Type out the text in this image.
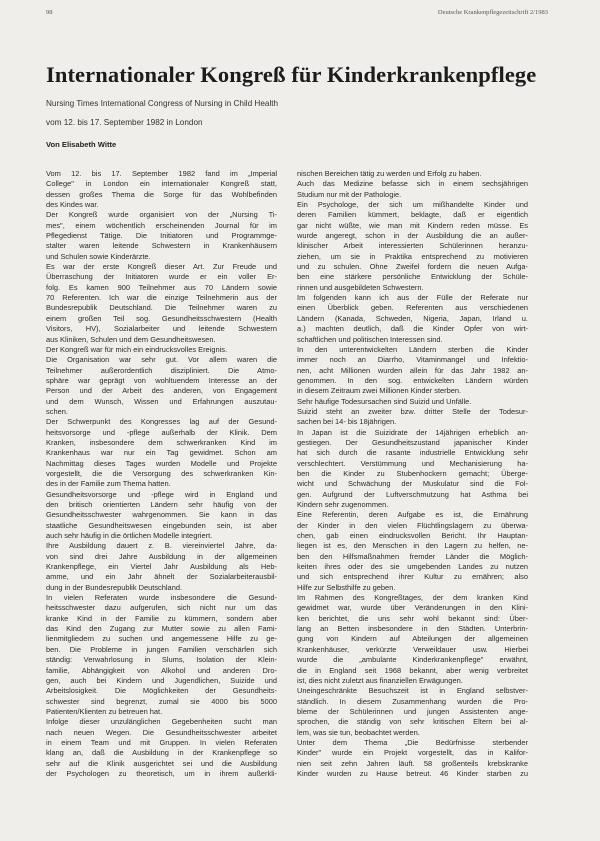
98	Deutsche Krankenpflegezeitschrift 2/1983
Internationaler Kongreß für Kinderkrankenpflege
Nursing Times International Congress of Nursing in Child Health
vom 12. bis 17. September 1982 in London
Von Elisabeth Witte
Vom 12. bis 17. September 1982 fand im „Imperial
College" in London ein internationaler Kongreß statt,
dessen großes Thema die Sorge für das Wohlbefinden
des Kindes war.
Der Kongreß wurde organisiert von der „Nursing Ti-
mes", einem wöchentlich erscheinenden Journal für im
Pflegedienst Tätige. Die Initiatoren und Programmge-
stalter waren leitende Schwestern in Krankenhäusern
und Schulen sowie Kinderärzte.
Es war der erste Kongreß dieser Art. Zur Freude und
Überraschung der Initiatoren wurde er ein voller Er-
folg. Es kamen 900 Teilnehmer aus 70 Ländern sowie
70 Referenten. Ich war die einzige Teilnehmerin aus der
Bundesrepublik Deutschland. Die Teilnehmer waren zu
einem großen Teil sog. Gesundheitsschwestern (Health
Visitors, HV), Sozialarbeiter und leitende Schwestern
aus Kliniken, Schulen und dem Gesundheitswesen.
Der Kongreß war für mich ein eindrucksvolles Ereignis.
Die Organisation war sehr gut. Vor allem waren die
Teilnehmer außerordentlich diszipliniert. Die Atmo-
sphäre war geprägt von wohltuendem Interesse an der
Person und der Arbeit des anderen, von Engagement
und dem Wunsch, Wissen und Erfahrungen auszutau-
schen.
Der Schwerpunkt des Kongresses lag auf der Gesund-
heitsvorsorge und -pflege außerhalb der Klinik. Dem
Kranken, insbesondere dem schwerkranken Kind im
Krankenhaus war nur ein Tag gewidmet. Schon am
Nachmittag dieses Tages wurden Modelle und Projekte
vorgestellt, die die Versorgung des schwerkranken Kin-
des in der Familie zum Thema hatten.
Gesundheitsvorsorge und -pflege wird in England und
den britisch orientierten Ländern sehr häufig von der
Gesundheitsschwester wahrgenommen. Sie kann in das
staatliche Gesundheitswesen eingebunden sein, ist aber
auch sehr häufig in die örtlichen Modelle integriert.
Ihre Ausbildung dauert z. B. viereinviertel Jahre, da-
von sind drei Jahre Ausbildung in der allgemeinen
Krankenpflege, ein Viertel Jahr Ausbildung als Heb-
amme, und ein Jahr ähnelt der Sozialarbeiterausbil-
dung in der Bundesrepublik Deutschland.
In vielen Referaten wurde insbesondere die Gesund-
heitsschwester dazu aufgerufen, sich nicht nur um das
kranke Kind in der Familie zu kümmern, sondern aber
das Kind den Zugang zur Mutter sowie zu allen Fami-
lienmitgliedern zu suchen und angemessene Hilfe zu ge-
ben. Die Probleme in jungen Familien verschärfen sich
ständig: Verwahrlosung in Slums, Isolation der Klein-
familie, Abhängigkeit von Alkohol und anderen Dro-
gen, auch bei Kindern und Jugendlichen, Suizide und
Arbeitslosigkeit. Die Möglichkeiten der Gesundheits-
schwester sind begrenzt, zumal sie 4000 bis 5000
Patienten/Klienten zu betreuen hat.
Infolge dieser unzulänglichen Gegebenheiten sucht man
nach neuen Wegen. Die Gesundheitsschwester arbeitet
in einem Team und mit Gruppen. In vielen Referaten
klang an, daß die Ausbildung in der Krankenpflege so
sehr auf die Klinik ausgerichtet sei und die Ausbildung
der Psychologen zu theoretisch, um in ihrem außerkli-
nischen Bereichen tätig zu werden und Erfolg zu haben.
Auch das Medizine befasse sich in einem sechsjährigen
Studium nur mit der Pathologie.
Ein Psychologe, der sich um mißhandelte Kinder und
deren Familien kümmert, beklagte, daß er eigentlich
gar nicht wüßte, wie man mit Kindern reden müsse. Es
wurde angeregt, schon in der Ausbildung die an außer-
klinischer Arbeit interessierten Schülerinnen heranzu-
ziehen, um sie in Praktika entsprechend zu motivieren
und zu schulen. Ohne Zweifel fordern die neuen Aufga-
ben eine stärkere persönliche Entwicklung der Schüle-
rinnen und ausgebildeten Schwestern.
Im folgenden kann ich aus der Fülle der Referate nur
einen Überblick geben. Referenten aus verschiedenen
Ländern (Kanada, Schweden, Nigeria, Japan, Irland u.
a.) machten deutlich, daß die Kinder Opfer von wirt-
schaftlichen und politischen Interessen sind.
In den unterentwickelten Ländern sterben die Kinder
immer noch an Diarrho, Vitaminmangel und Infektio-
nen, acht Millionen wurden allein für das Jahr 1982 an-
genommen. In den sog. entwickelten Ländern würden
in diesem Zeitraum zwei Millionen Kinder sterben.
Sehr häufige Todesursachen sind Suizid und Unfälle.
Suizid steht an zweiter bzw. dritter Stelle der Todesur-
sachen bei 14- bis 18jährigen.
In Japan ist die Suizidrate der 14jährigen erheblich an-
gestiegen. Der Gesundheitszustand japanischer Kinder
hat sich durch die rasante industrielle Entwicklung sehr
verschlechtert. Verstümmung und Mechanisierung ha-
ben die Kinder zu Stubenhockern gemacht; Überge-
wicht und Schwächung der Muskulatur sind die Fol-
gen. Aufgrund der Luftverschmutzung hat Asthma bei
Kindern sehr zugenommen.
Eine Referentin, deren Aufgabe es ist, die Ernährung
der Kinder in den vielen Flüchtlingslagern zu überwa-
chen, gab einen eindrucksvollen Bericht. Ihr Hauptan-
liegen ist es, den Menschen in den Lagern zu helfen, ne-
ben den Hilfsmaßnahmen fremder Länder die Möglich-
keiten ihres oder des sie umgebenden Landes zu nutzen
und sich entsprechend ihrer Kultur zu ernähren; also
Hilfe zur Selbsthilfe zu geben.
Im Rahmen des Kongreßtages, der dem kranken Kind
gewidmet war, wurde über Veränderungen in den Klini-
ken berichtet, die uns sehr wohl bekannt sind: Über-
lang an Betten insbesondere in den Städten. Unterbrin-
gung von Kindern auf Abteilungen der allgemeinen
Krankenhäuser, verkürzte Verweildauer usw. Hierbei
wurde die „ambulante Kinderkrankenpflege" erwähnt,
die in England seit 1968 bekannt, aber wenig verbreitet
ist, dies nicht zuletzt aus finanziellen Erwägungen.
Uneingeschränkte Besuchszeit ist in England selbstver-
ständlich. In diesem Zusammenhang wurden die Pro-
bleme der Schülerinnen und jungen Assistenten ange-
sprochen, die ständig von sehr kritischen Eltern bei al-
lem, was sie tun, beobachtet werden.
Unter dem Thema „Die Bedürfnisse sterbender
Kinder" wurde ein Projekt vorgestellt, das in Kalifor-
nien seit zehn Jahren läuft. 58 großenteils krebskranke
Kinder wurden zu Hause betreut. 46 Kinder starben zu
